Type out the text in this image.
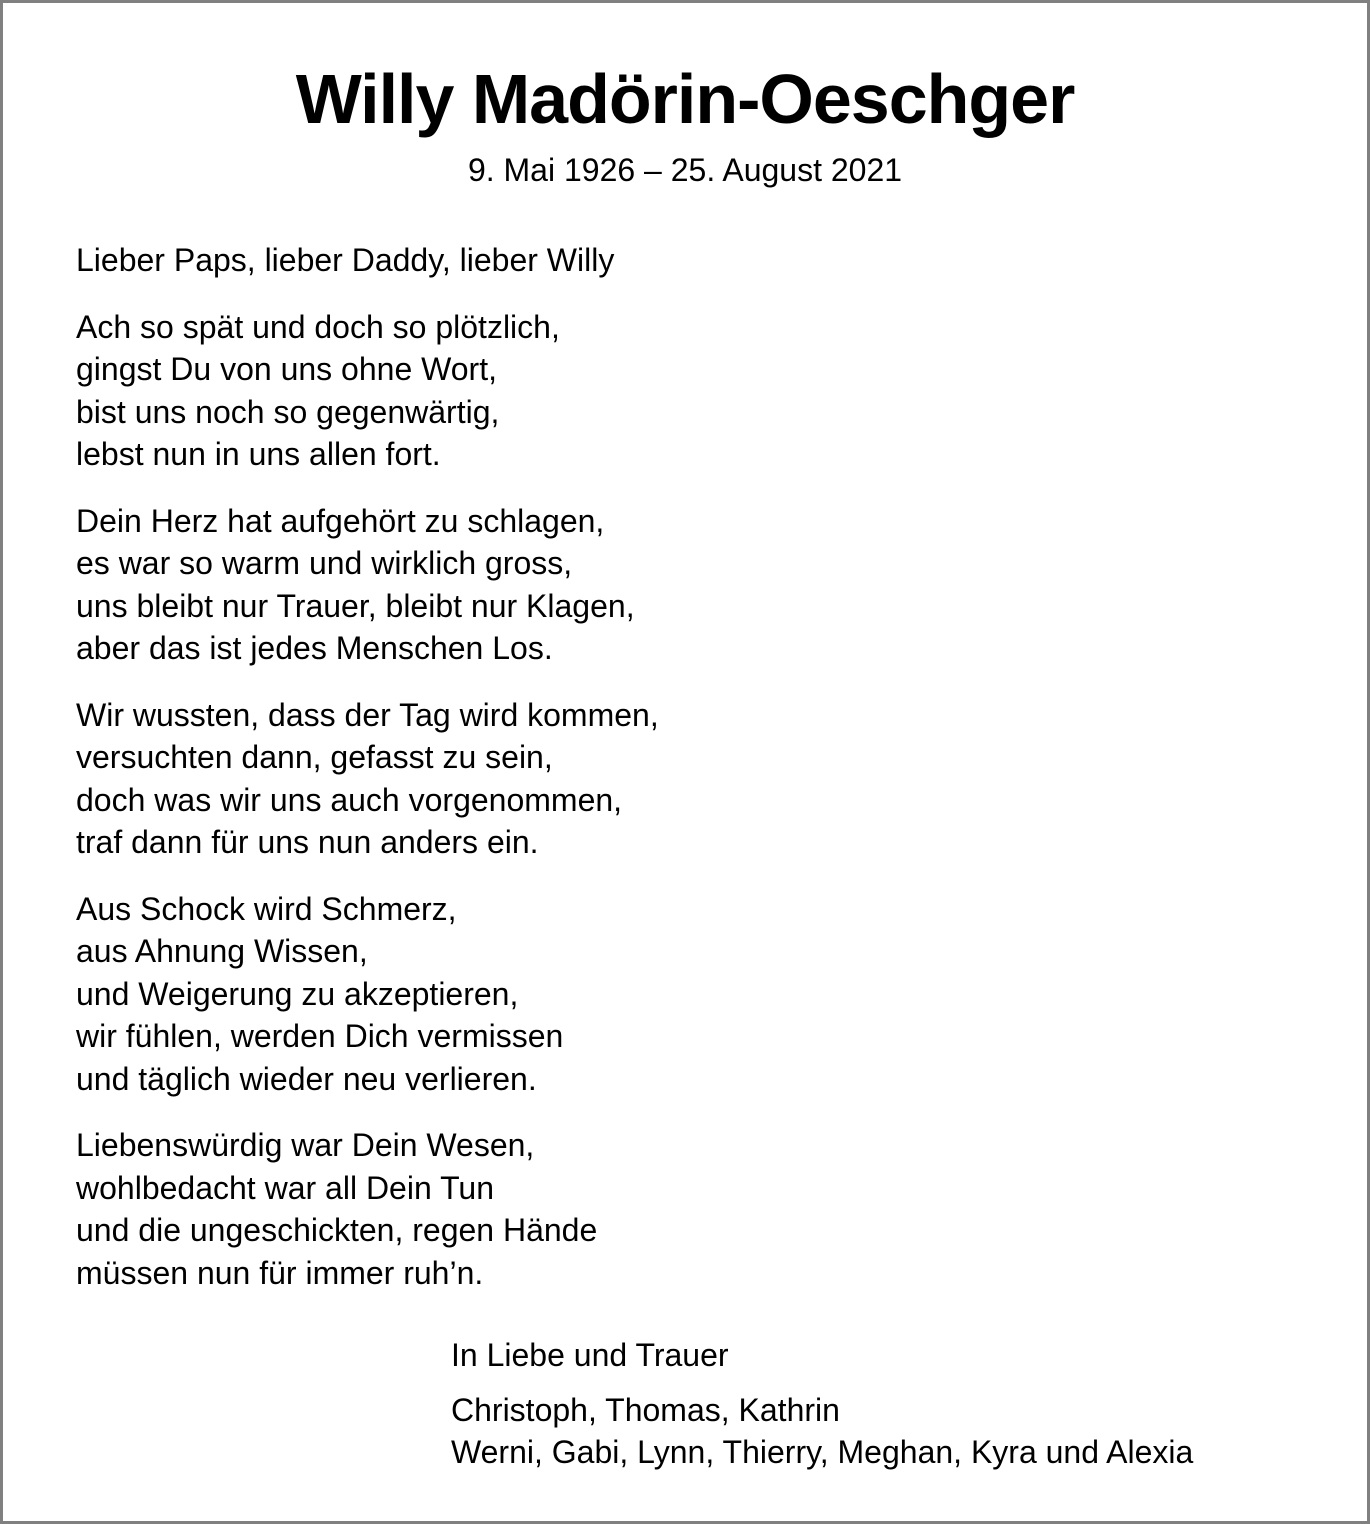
Willy Madörin-Oeschger

9. Mai 1926 – 25. August 2021

Lieber Paps, lieber Daddy, lieber Willy

Ach so spät und doch so plötzlich,
gingst Du von uns ohne Wort,
bist uns noch so gegenwärtig,
lebst nun in uns allen fort.

Dein Herz hat aufgehört zu schlagen,
es war so warm und wirklich gross,
uns bleibt nur Trauer, bleibt nur Klagen,
aber das ist jedes Menschen Los.

Wir wussten, dass der Tag wird kommen,
versuchten dann, gefasst zu sein,
doch was wir uns auch vorgenommen,
traf dann für uns nun anders ein.

Aus Schock wird Schmerz,
aus Ahnung Wissen,
und Weigerung zu akzeptieren,
wir fühlen, werden Dich vermissen
und täglich wieder neu verlieren.

Liebenswürdig war Dein Wesen,
wohlbedacht war all Dein Tun
und die ungeschickten, regen Hände
müssen nun für immer ruh’n.

In Liebe und Trauer
Christoph, Thomas, Kathrin
Werni, Gabi, Lynn, Thierry, Meghan, Kyra und Alexia
